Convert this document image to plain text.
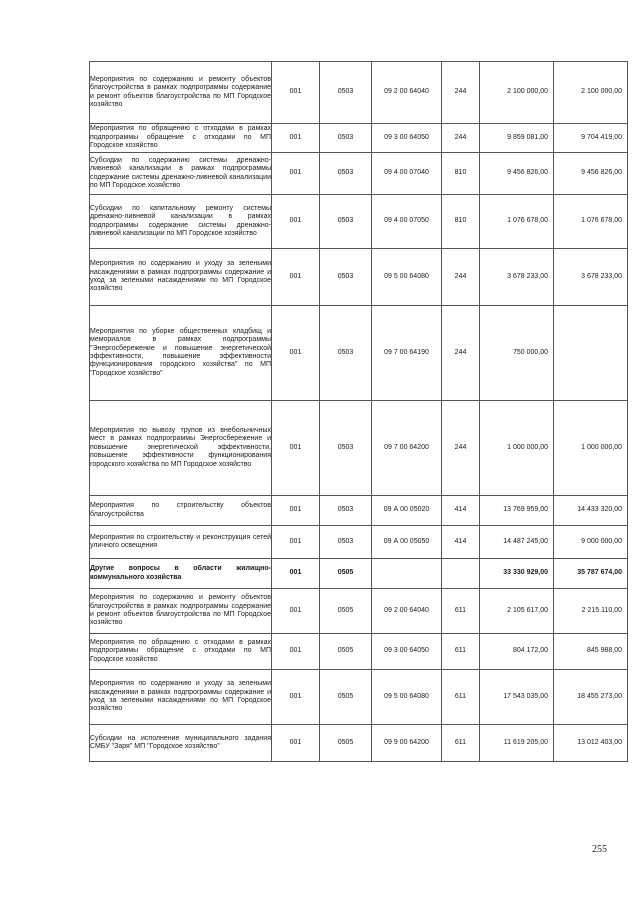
Мероприятия по содержанию и ремонту объектов благоустройства в рамках подпрограммы содержание и ремонт объектов благоустройства по МП Городское хозяйство	001	0503	09 2 00 64040	244	2 100 000,00	2 100 000,00
Мероприятия по обращению с отходами в рамках подпрограммы обращение с отходами по МП Городское хозяйство	001	0503	09 3 00 64050	244	9 859 081,00	9 704 419,00
Субсидии по содержанию системы дренажно-ливневой канализации в рамках подпрограммы содержание системы дренажно-ливневой канализации по МП Городское хозяйство	001	0503	09 4 00 07040	810	9 456 826,00	9 456 826,00
Субсидии по капитальному ремонту системы дренажно-ливневой канализации в рамках подпрограммы содержание системы дренажно-ливневой канализации по МП Городское хозяйство	001	0503	09 4 00 07050	810	1 076 678,00	1 076 678,00
Мероприятия по содержанию и уходу за зелеными насаждениями в рамках подпрограммы содержание и уход за зелеными насаждениями по МП Городское хозяйство	001	0503	09 5 00 64080	244	3 678 233,00	3 678 233,00
Мероприятия по уборке общественных кладбищ и мемориалов в рамках подпрограммы "Энергосбережение и повышение энергетической эффективности, повышение эффективности функционирования городского хозяйства" по МП "Городское хозяйство"	001	0503	09 7 00 64190	244	750 000,00	
Мероприятия по вывозу трупов из внебольничных мест в рамках подпрограммы Энергосбережение и повышение энергетической эффективности, повышение эффективности функционирования городского хозяйства по МП Городское хозяйство	001	0503	09 7 00 64200	244	1 000 000,00	1 000 000,00
Мероприятия по строительству объектов благоустройства	001	0503	09 А 00 05020	414	13 769 959,00	14 433 320,00
Мероприятия по строительству и реконструкция сетей уличного освещения	001	0503	09 А 00 05050	414	14 487 245,00	9 000 000,00
Другие вопросы в области жилищно-коммунального хозяйства	001	0505			33 330 929,00	35 787 674,00
Мероприятия по содержанию и ремонту объектов благоустройства в рамках подпрограммы содержание и ремонт объектов благоустройства по МП Городское хозяйство	001	0505	09 2 00 64040	611	2 105 617,00	2 215 110,00
Мероприятия по обращению с отходами в рамках подпрограммы обращение с отходами по МП Городское хозяйство	001	0505	09 3 00 64050	611	804 172,00	845 988,00
Мероприятия по содержанию и уходу за зелеными насаждениями в рамках подпрограммы содержание и уход за зелеными насаждениями по МП Городское хозяйство	001	0505	09 5 00 64080	611	17 543 035,00	18 455 273,00
Субсидии на исполнение муниципального задания СМБУ "Заря" МП "Городское хозяйство"	001	0505	09 9 00 64200	611	11 619 205,00	13 012 403,00
255
